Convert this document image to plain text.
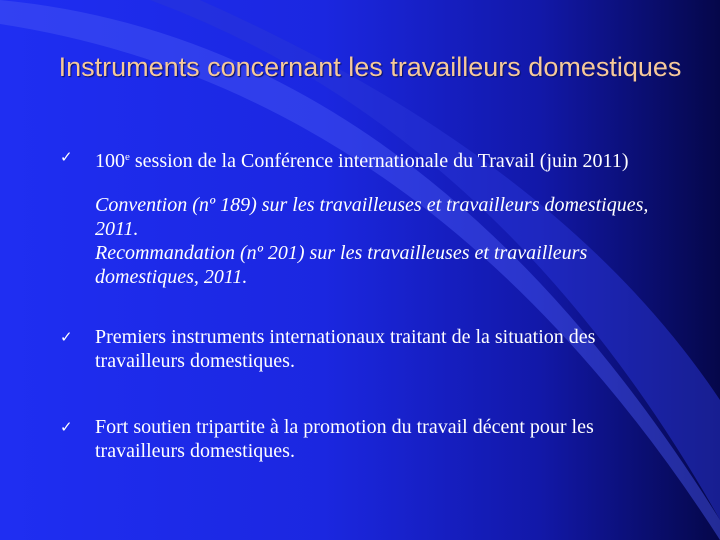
Instruments concernant les travailleurs domestiques
✓ 100e session de la Conférence internationale du Travail (juin 2011)
Convention (nº 189) sur les travailleuses et travailleurs domestiques, 2011.
Recommandation (nº 201) sur les travailleuses et travailleurs domestiques, 2011.
✓ Premiers instruments internationaux traitant de la situation des travailleurs domestiques.
✓ Fort soutien tripartite à la promotion du travail décent pour les travailleurs domestiques.
